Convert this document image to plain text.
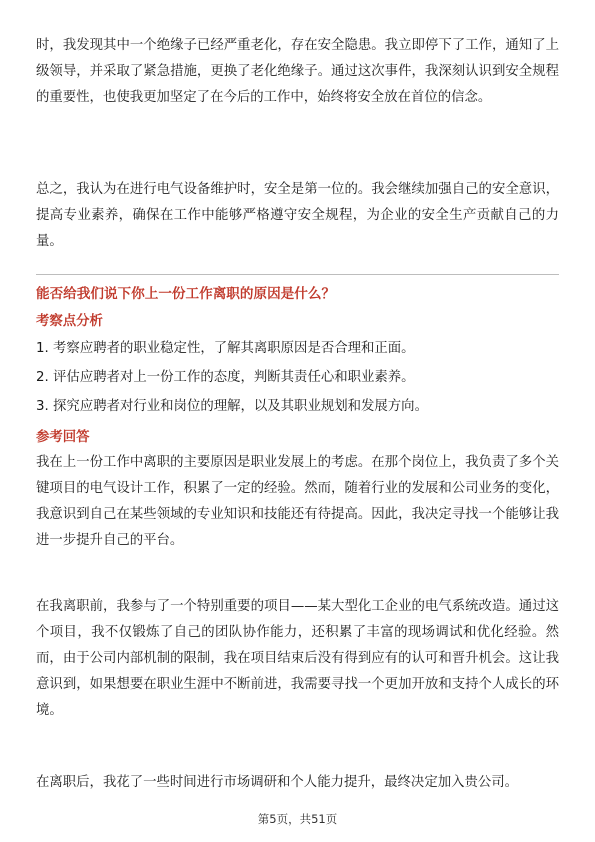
时，我发现其中一个绝缘子已经严重老化，存在安全隐患。我立即停下了工作，通知了上级领导，并采取了紧急措施，更换了老化绝缘子。通过这次事件，我深刻认识到安全规程的重要性，也使我更加坚定了在今后的工作中，始终将安全放在首位的信念。

总之，我认为在进行电气设备维护时，安全是第一位的。我会继续加强自己的安全意识，提高专业素养，确保在工作中能够严格遵守安全规程，为企业的安全生产贡献自己的力量。

能否给我们说下你上一份工作离职的原因是什么？

考察点分析

1. 考察应聘者的职业稳定性，了解其离职原因是否合理和正面。
2. 评估应聘者对上一份工作的态度，判断其责任心和职业素养。
3. 探究应聘者对行业和岗位的理解，以及其职业规划和发展方向。

参考回答

我在上一份工作中离职的主要原因是职业发展上的考虑。在那个岗位上，我负责了多个关键项目的电气设计工作，积累了一定的经验。然而，随着行业的发展和公司业务的变化，我意识到自己在某些领域的专业知识和技能还有待提高。因此，我决定寻找一个能够让我进一步提升自己的平台。

在我离职前，我参与了一个特别重要的项目——某大型化工企业的电气系统改造。通过这个项目，我不仅锻炼了自己的团队协作能力，还积累了丰富的现场调试和优化经验。然而，由于公司内部机制的限制，我在项目结束后没有得到应有的认可和晋升机会。这让我意识到，如果想要在职业生涯中不断前进，我需要寻找一个更加开放和支持个人成长的环境。

在离职后，我花了一些时间进行市场调研和个人能力提升，最终决定加入贵公司。

第5页，共51页
